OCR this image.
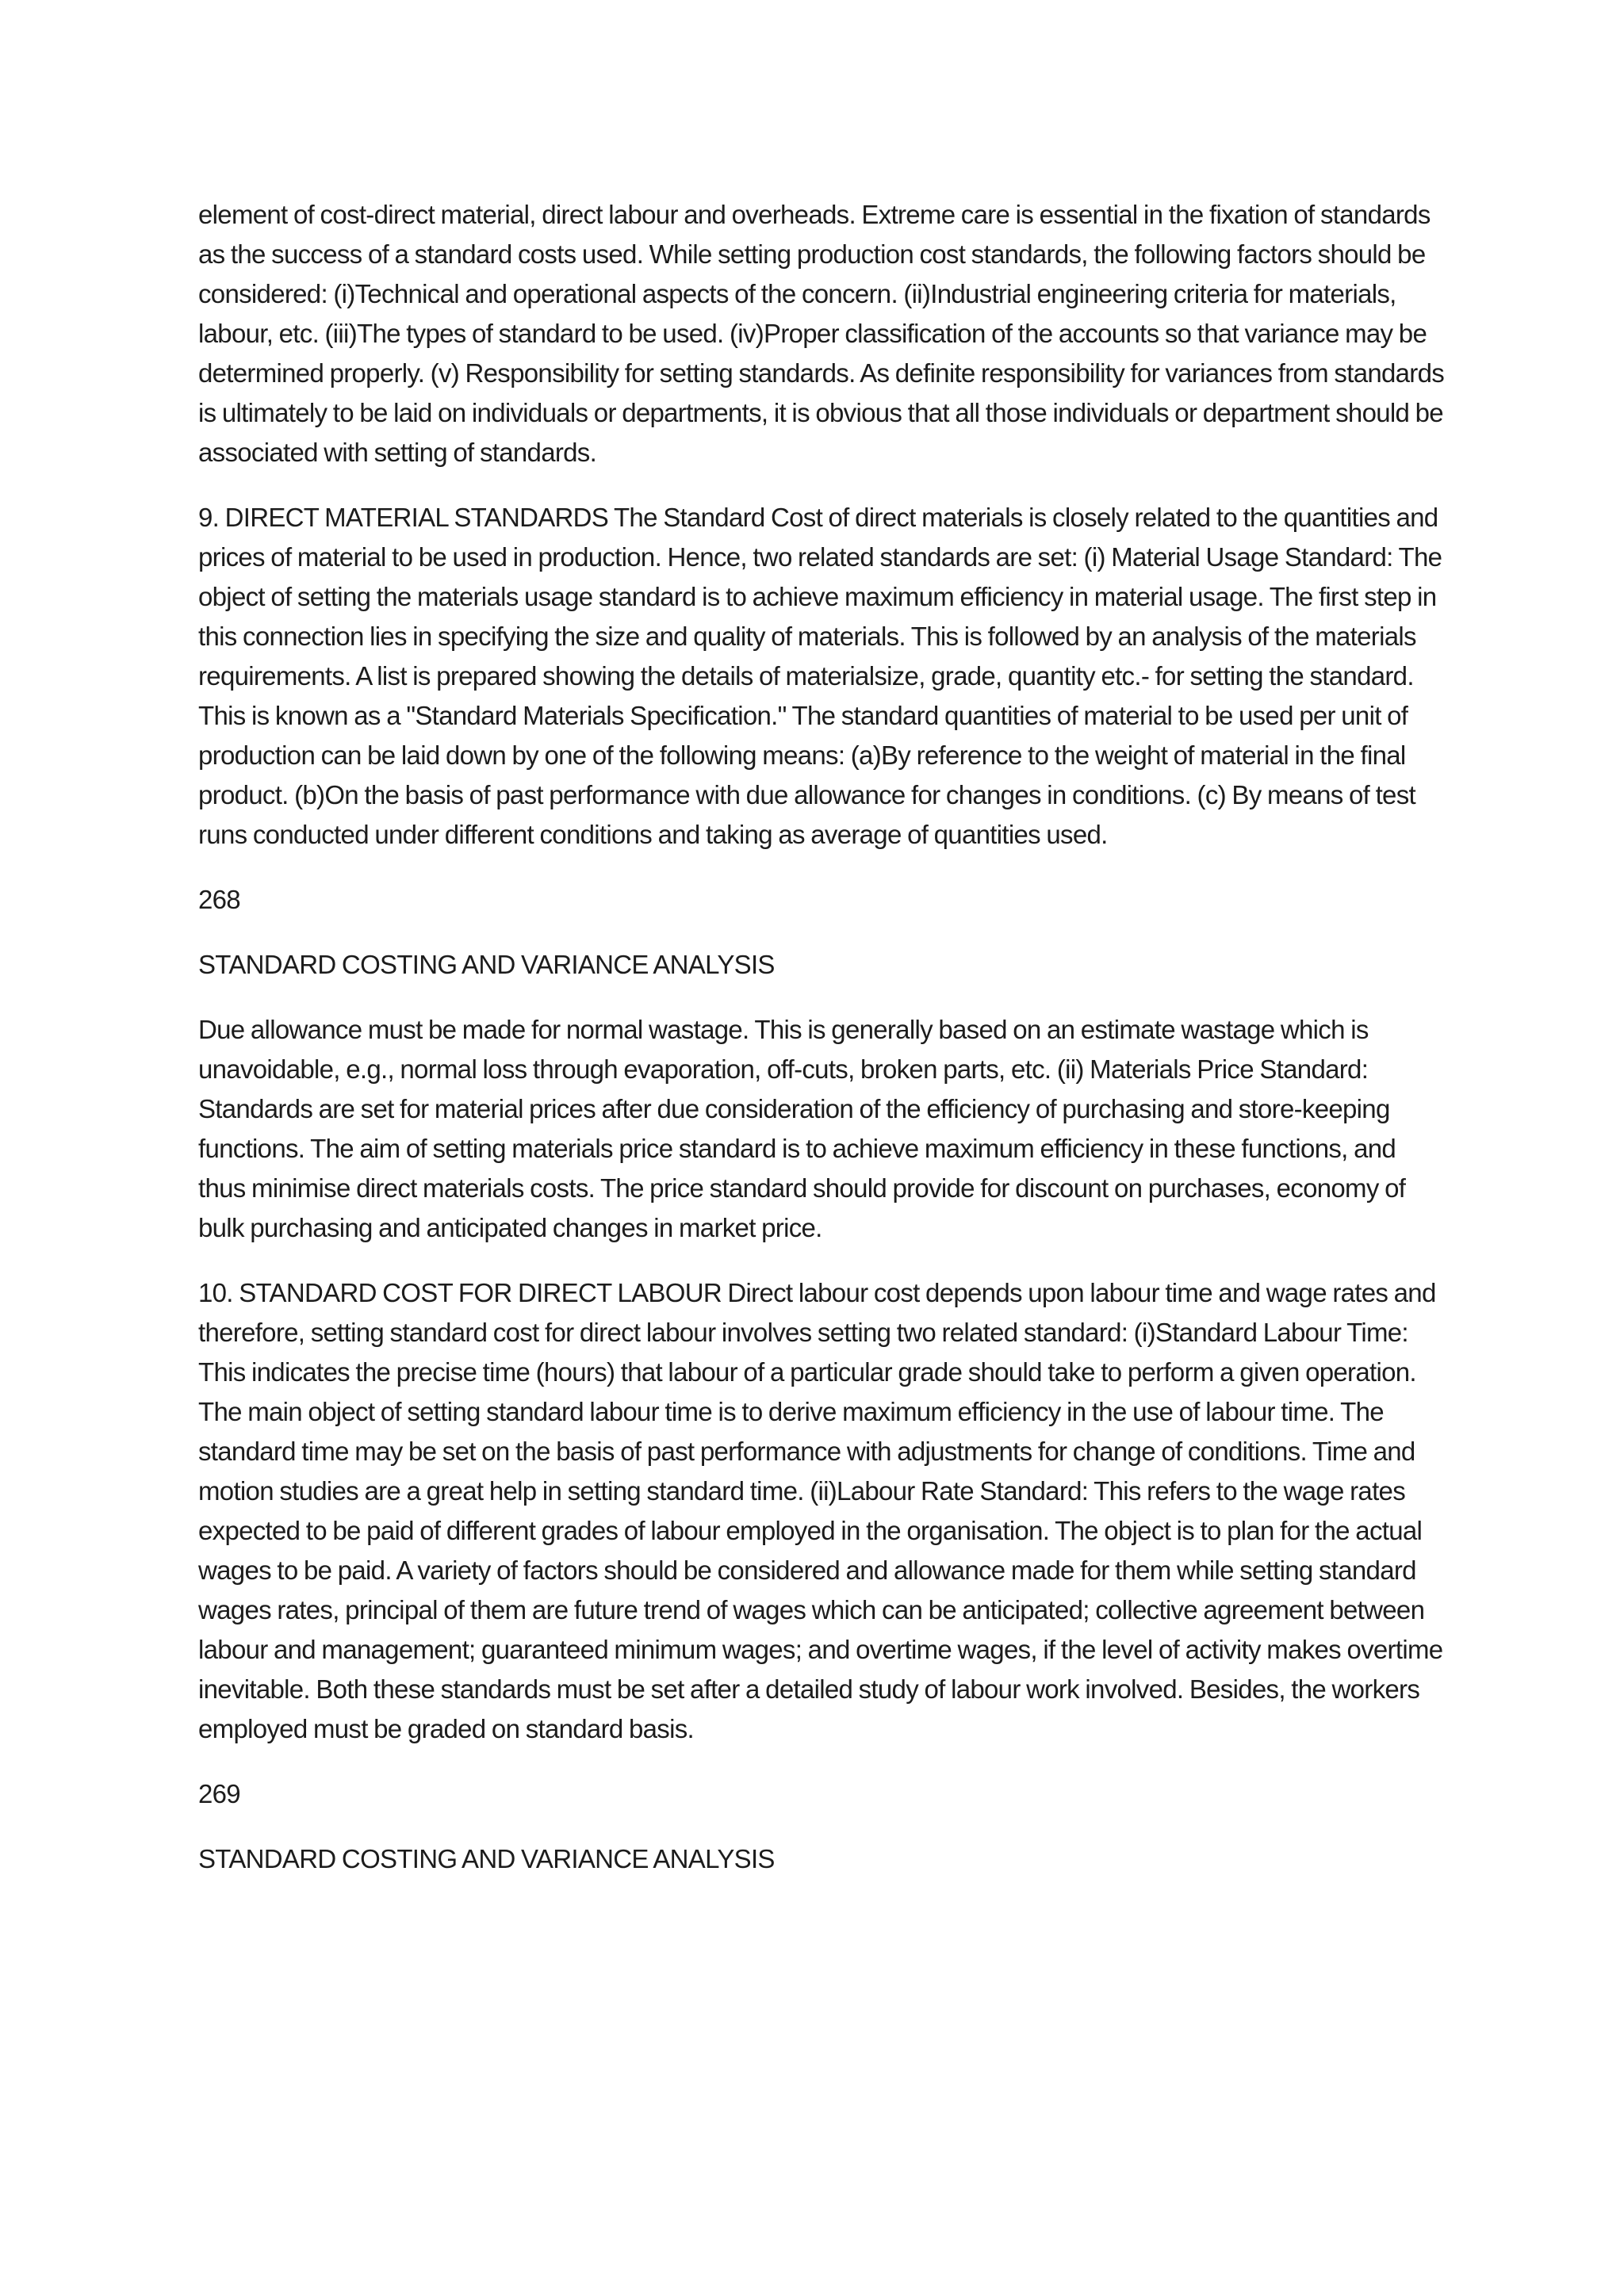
element of cost-direct material, direct labour and overheads. Extreme care is essential in the fixation of standards as the success of a standard costs used. While setting production cost standards, the following factors should be considered: (i)Technical and operational aspects of the concern. (ii)Industrial engineering criteria for materials, labour, etc. (iii)The types of standard to be used. (iv)Proper classification of the accounts so that variance may be determined properly. (v) Responsibility for setting standards. As definite responsibility for variances from standards is ultimately to be laid on individuals or departments, it is obvious that all those individuals or department should be associated with setting of standards.

9. DIRECT MATERIAL STANDARDS The Standard Cost of direct materials is closely related to the quantities and prices of material to be used in production. Hence, two related standards are set: (i) Material Usage Standard: The object of setting the materials usage standard is to achieve maximum efficiency in material usage. The first step in this connection lies in specifying the size and quality of materials. This is followed by an analysis of the materials requirements. A list is prepared showing the details of materialsize, grade, quantity etc.- for setting the standard. This is known as a "Standard Materials Specification." The standard quantities of material to be used per unit of production can be laid down by one of the following means: (a)By reference to the weight of material in the final product. (b)On the basis of past performance with due allowance for changes in conditions. (c) By means of test runs conducted under different conditions and taking as average of quantities used.

268

STANDARD COSTING AND VARIANCE ANALYSIS

Due allowance must be made for normal wastage. This is generally based on an estimate wastage which is unavoidable, e.g., normal loss through evaporation, off-cuts, broken parts, etc. (ii) Materials Price Standard: Standards are set for material prices after due consideration of the efficiency of purchasing and store-keeping functions. The aim of setting materials price standard is to achieve maximum efficiency in these functions, and thus minimise direct materials costs. The price standard should provide for discount on purchases, economy of bulk purchasing and anticipated changes in market price.

10. STANDARD COST FOR DIRECT LABOUR Direct labour cost depends upon labour time and wage rates and therefore, setting standard cost for direct labour involves setting two related standard: (i)Standard Labour Time: This indicates the precise time (hours) that labour of a particular grade should take to perform a given operation. The main object of setting standard labour time is to derive maximum efficiency in the use of labour time. The standard time may be set on the basis of past performance with adjustments for change of conditions. Time and motion studies are a great help in setting standard time. (ii)Labour Rate Standard: This refers to the wage rates expected to be paid of different grades of labour employed in the organisation. The object is to plan for the actual wages to be paid. A variety of factors should be considered and allowance made for them while setting standard wages rates, principal of them are future trend of wages which can be anticipated; collective agreement between labour and management; guaranteed minimum wages; and overtime wages, if the level of activity makes overtime inevitable. Both these standards must be set after a detailed study of labour work involved. Besides, the workers employed must be graded on standard basis.

269

STANDARD COSTING AND VARIANCE ANALYSIS
